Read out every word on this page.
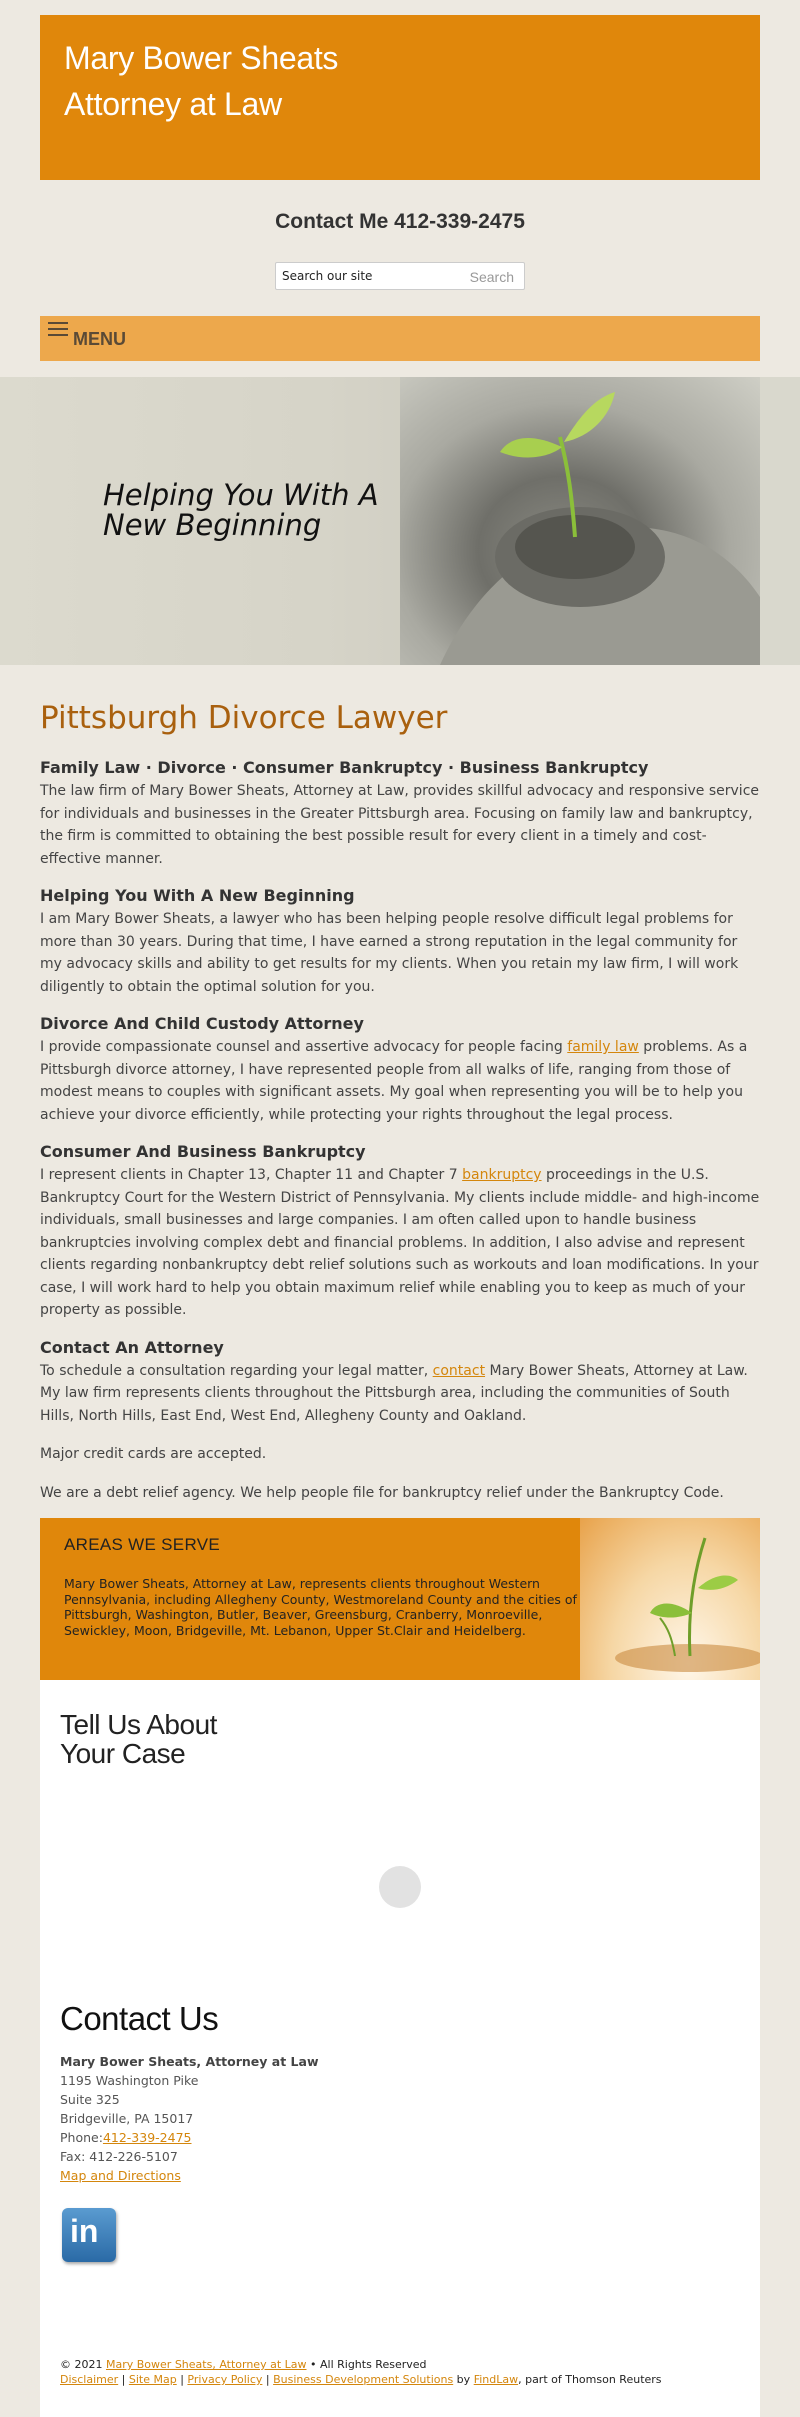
Mary Bower Sheats
Attorney at Law
Contact Me 412-339-2475
Search our site
Search
MENU
Helping You With A
New Beginning
Pittsburgh Divorce Lawyer
Family Law · Divorce · Consumer Bankruptcy · Business Bankruptcy

The law firm of Mary Bower Sheats, Attorney at Law, provides skillful advocacy and responsive service for individuals and businesses in the Greater Pittsburgh area. Focusing on family law and bankruptcy, the firm is committed to obtaining the best possible result for every client in a timely and cost-effective manner.

Helping You With A New Beginning

I am Mary Bower Sheats, a lawyer who has been helping people resolve difficult legal problems for more than 30 years. During that time, I have earned a strong reputation in the legal community for my advocacy skills and ability to get results for my clients. When you retain my law firm, I will work diligently to obtain the optimal solution for you.

Divorce And Child Custody Attorney

I provide compassionate counsel and assertive advocacy for people facing family law problems. As a Pittsburgh divorce attorney, I have represented people from all walks of life, ranging from those of modest means to couples with significant assets. My goal when representing you will be to help you achieve your divorce efficiently, while protecting your rights throughout the legal process.

Consumer And Business Bankruptcy

I represent clients in Chapter 13, Chapter 11 and Chapter 7 bankruptcy proceedings in the U.S. Bankruptcy Court for the Western District of Pennsylvania. My clients include middle- and high-income individuals, small businesses and large companies. I am often called upon to handle business bankruptcies involving complex debt and financial problems. In addition, I also advise and represent clients regarding nonbankruptcy debt relief solutions such as workouts and loan modifications. In your case, I will work hard to help you obtain maximum relief while enabling you to keep as much of your property as possible.

Contact An Attorney

To schedule a consultation regarding your legal matter, contact Mary Bower Sheats, Attorney at Law. My law firm represents clients throughout the Pittsburgh area, including the communities of South Hills, North Hills, East End, West End, Allegheny County and Oakland.

Major credit cards are accepted.

We are a debt relief agency. We help people file for bankruptcy relief under the Bankruptcy Code.

AREAS WE SERVE
Mary Bower Sheats, Attorney at Law, represents clients throughout Western Pennsylvania, including Allegheny County, Westmoreland County and the cities of Pittsburgh, Washington, Butler, Beaver, Greensburg, Cranberry, Monroeville, Sewickley, Moon, Bridgeville, Mt. Lebanon, Upper St.Clair and Heidelberg.
Tell Us About
Your Case
Contact Us
Mary Bower Sheats, Attorney at Law
1195 Washington Pike
Suite 325
Bridgeville, PA 15017
Phone:412-339-2475
Fax: 412-226-5107
Map and Directions
in
© 2021 Mary Bower Sheats, Attorney at Law • All Rights Reserved
Disclaimer | Site Map | Privacy Policy | Business Development Solutions by FindLaw, part of Thomson Reuters
